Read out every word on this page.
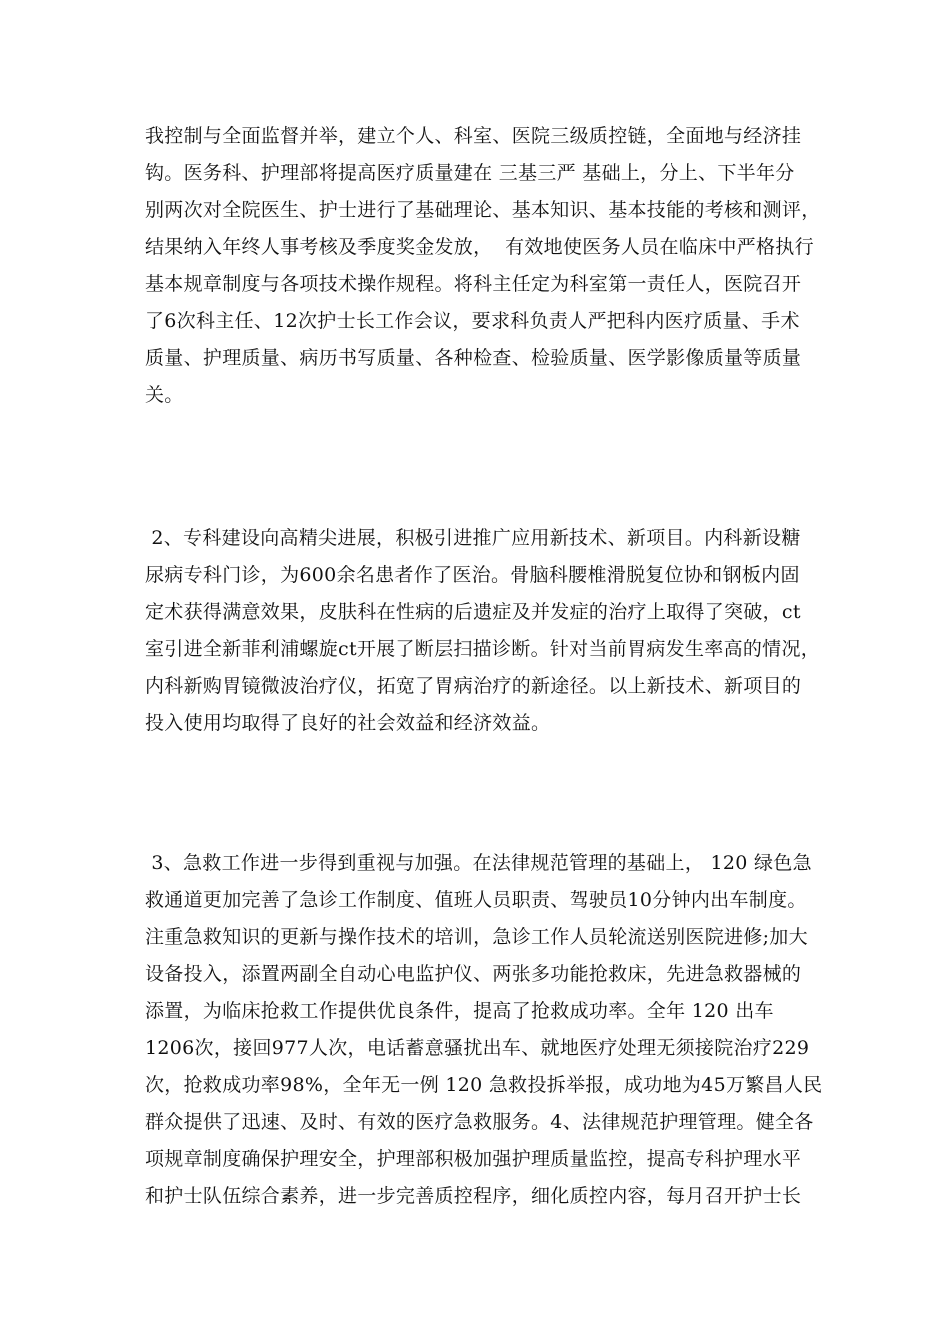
我控制与全面监督并举，建立个人、科室、医院三级质控链，全面地与经济挂
钩。医务科、护理部将提高医疗质量建在 三基三严 基础上，分上、下半年分
别两次对全院医生、护士进行了基础理论、基本知识、基本技能的考核和测评，
结果纳入年终人事考核及季度奖金发放，  有效地使医务人员在临床中严格执行
基本规章制度与各项技术操作规程。将科主任定为科室第一责任人，医院召开
了6次科主任、12次护士长工作会议，要求科负责人严把科内医疗质量、手术
质量、护理质量、病历书写质量、各种检查、检验质量、医学影像质量等质量
关。
2、专科建设向高精尖进展，积极引进推广应用新技术、新项目。内科新设糖
尿病专科门诊，为600余名患者作了医治。骨脑科腰椎滑脱复位协和钢板内固
定术获得满意效果，皮肤科在性病的后遗症及并发症的治疗上取得了突破，ct
室引进全新菲利浦螺旋ct开展了断层扫描诊断。针对当前胃病发生率高的情况，
内科新购胃镜微波治疗仪，拓宽了胃病治疗的新途径。以上新技术、新项目的
投入使用均取得了良好的社会效益和经济效益。
3、急救工作进一步得到重视与加强。在法律规范管理的基础上， 120 绿色急
救通道更加完善了急诊工作制度、值班人员职责、驾驶员10分钟内出车制度。
注重急救知识的更新与操作技术的培训，急诊工作人员轮流送别医院进修;加大
设备投入，添置两副全自动心电监护仪、两张多功能抢救床，先进急救器械的
添置，为临床抢救工作提供优良条件，提高了抢救成功率。全年 120 出车
1206次，接回977人次，电话蓄意骚扰出车、就地医疗处理无须接院治疗229
次，抢救成功率98%，全年无一例 120 急救投拆举报，成功地为45万繁昌人民
群众提供了迅速、及时、有效的医疗急救服务。4、法律规范护理管理。健全各
项规章制度确保护理安全，护理部积极加强护理质量监控，提高专科护理水平
和护士队伍综合素养，进一步完善质控程序，细化质控内容，每月召开护士长
